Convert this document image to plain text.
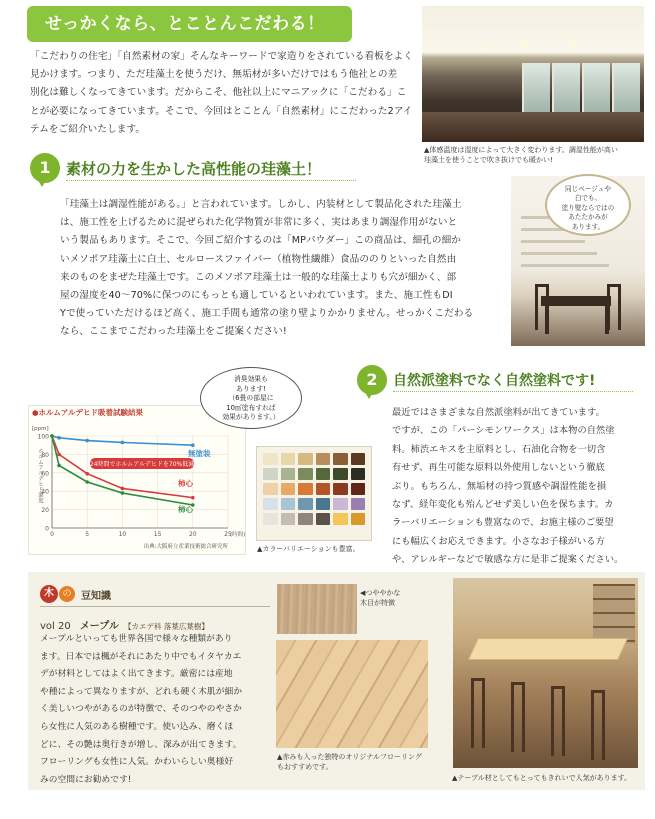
せっかくなら、とことんこだわる！

「こだわりの住宅」「自然素材の家」そんなキーワードで家造りをされている看板をよく
見かけます。つまり、ただ珪藻土を使うだけ、無垢材が多いだけではもう他社との差
別化は難しくなってきています。だからこそ、他社以上にマニアックに「こだわる」こ
とが必要になってきています。そこで、今回はとことん「自然素材」にこだわった2アイ
テムをご紹介いたします。

▲体感温度は湿度によって大きく変わります。調湿性能が高い
珪藻土を使うことで吹き抜けでも暖かい!
1	素材の力を生かした高性能の珪藻土！

「珪藻土は調湿性能がある。」と言われています。しかし、内装材として製品化された珪藻土
は、施工性を上げるために混ぜられた化学物質が非常に多く、実はあまり調湿作用がないと
いう製品もあります。そこで、今回ご紹介するのは「MPパウダー」この商品は、細孔の細か
いメソポア珪藻土に白土、セルロースファイバー（植物性繊維）食品ののりといった自然由
来のものをまぜた珪藻土です。このメソポア珪藻土は一般的な珪藻土よりも穴が細かく、部
屋の湿度を40～70%に保つのにもっとも適しているといわれています。また、施工性もDI
Yで使っていただけるほど高く、施工手間も通常の塗り壁よりかかりません。せっかくこだわる
なら、ここまでこだわった珪藻土をご提案ください!

同じベージュや
白でも、
塗り壁ならではの
あたたかみが
あります。
2	自然派塗料でなく自然塗料です!

最近ではさまざまな自然派塗料が出てきています。
ですが、この「パーシモンワークス」は本物の自然塗
料。柿渋エキスを主原料とし、石油化合物を一切含
有せず、再生可能な原料以外使用しないという徹底
ぶり。もちろん、無垢材の持つ質感や調湿性能を損
なず、経年変化も殆んどせず美しい色を保ちます。カ
ラーバリエーションも豊富なので、お施主様のご要望
にも幅広くお応えできます。小さなお子様がいる方
や、アレルギーなどで敏感な方に是非ご提案ください。

●ホルムアルデヒド吸着試験結果
0
20
40
60
80
100
0	5	10	15	20	25
[ppm]
(時間)
ホルムアルデヒド濃度	無塗装
柿心
柿心
24時間でホルムアルデヒドを70%低減
出典:大阪府立産業技術総合研究所
消臭効果も
あります!
（6畳の部屋に
10㎡塗布すれば
効果があります。）
▲カラーバリエーションも豊富。
木 の 豆知識
vol 20 メープル 【カエデ科 落葉広葉樹】

メープルといっても世界各国で様々な種類があり
ます。日本では楓がそれにあたり中でもイタヤカエ
デが材料としてはよく出てきます。厳密には産地
や種によって異なりますが、どれも硬く木肌が細か
く美しいつやがあるのが特徴で、そのつやのやさか
ら女性に人気のある樹種です。使い込み、磨くほ
どに、その艶は奥行きが増し、深みが出てきます。
フローリングも女性に人気。かわいらしい奥様好
みの空間にお勧めです!

◀つややかな
木目が特徴
▲赤みも入った独特のオリジナルフローリング
もおすすめです。
▲テーブル材としてもとってもきれいで人気があります。
